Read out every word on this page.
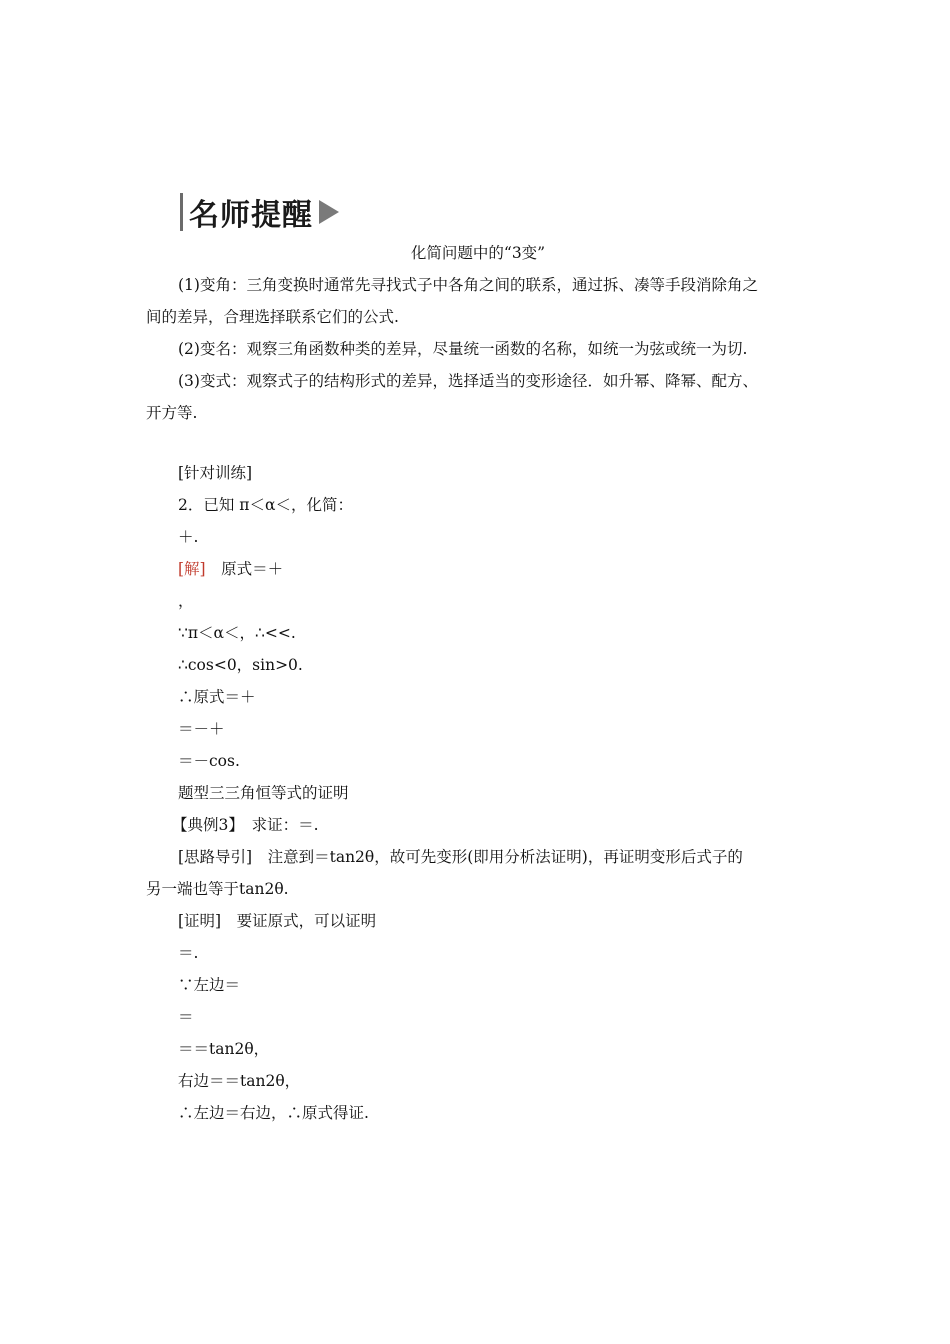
名师提醒
化简问题中的“3变”
(1)变角：三角变换时通常先寻找式子中各角之间的联系，通过拆、凑等手段消除角之
间的差异，合理选择联系它们的公式.
(2)变名：观察三角函数种类的差异，尽量统一函数的名称，如统一为弦或统一为切.
(3)变式：观察式子的结构形式的差异，选择适当的变形途径．如升幂、降幂、配方、
开方等.
[针对训练]
2．已知 π＜α＜，化简：
＋.
[解]　原式＝＋
，
∵π＜α＜，∴<<.
∴cos<0，sin>0.
∴原式＝＋
＝－＋
＝－cos.
题型三三角恒等式的证明
【典例3】　求证：＝.
[思路导引]　注意到＝tan2θ，故可先变形(即用分析法证明)，再证明变形后式子的
另一端也等于tan2θ.
[证明]　要证原式，可以证明
＝.
∵左边＝
＝
＝＝tan2θ，
右边＝＝tan2θ，
∴左边＝右边，∴原式得证.
